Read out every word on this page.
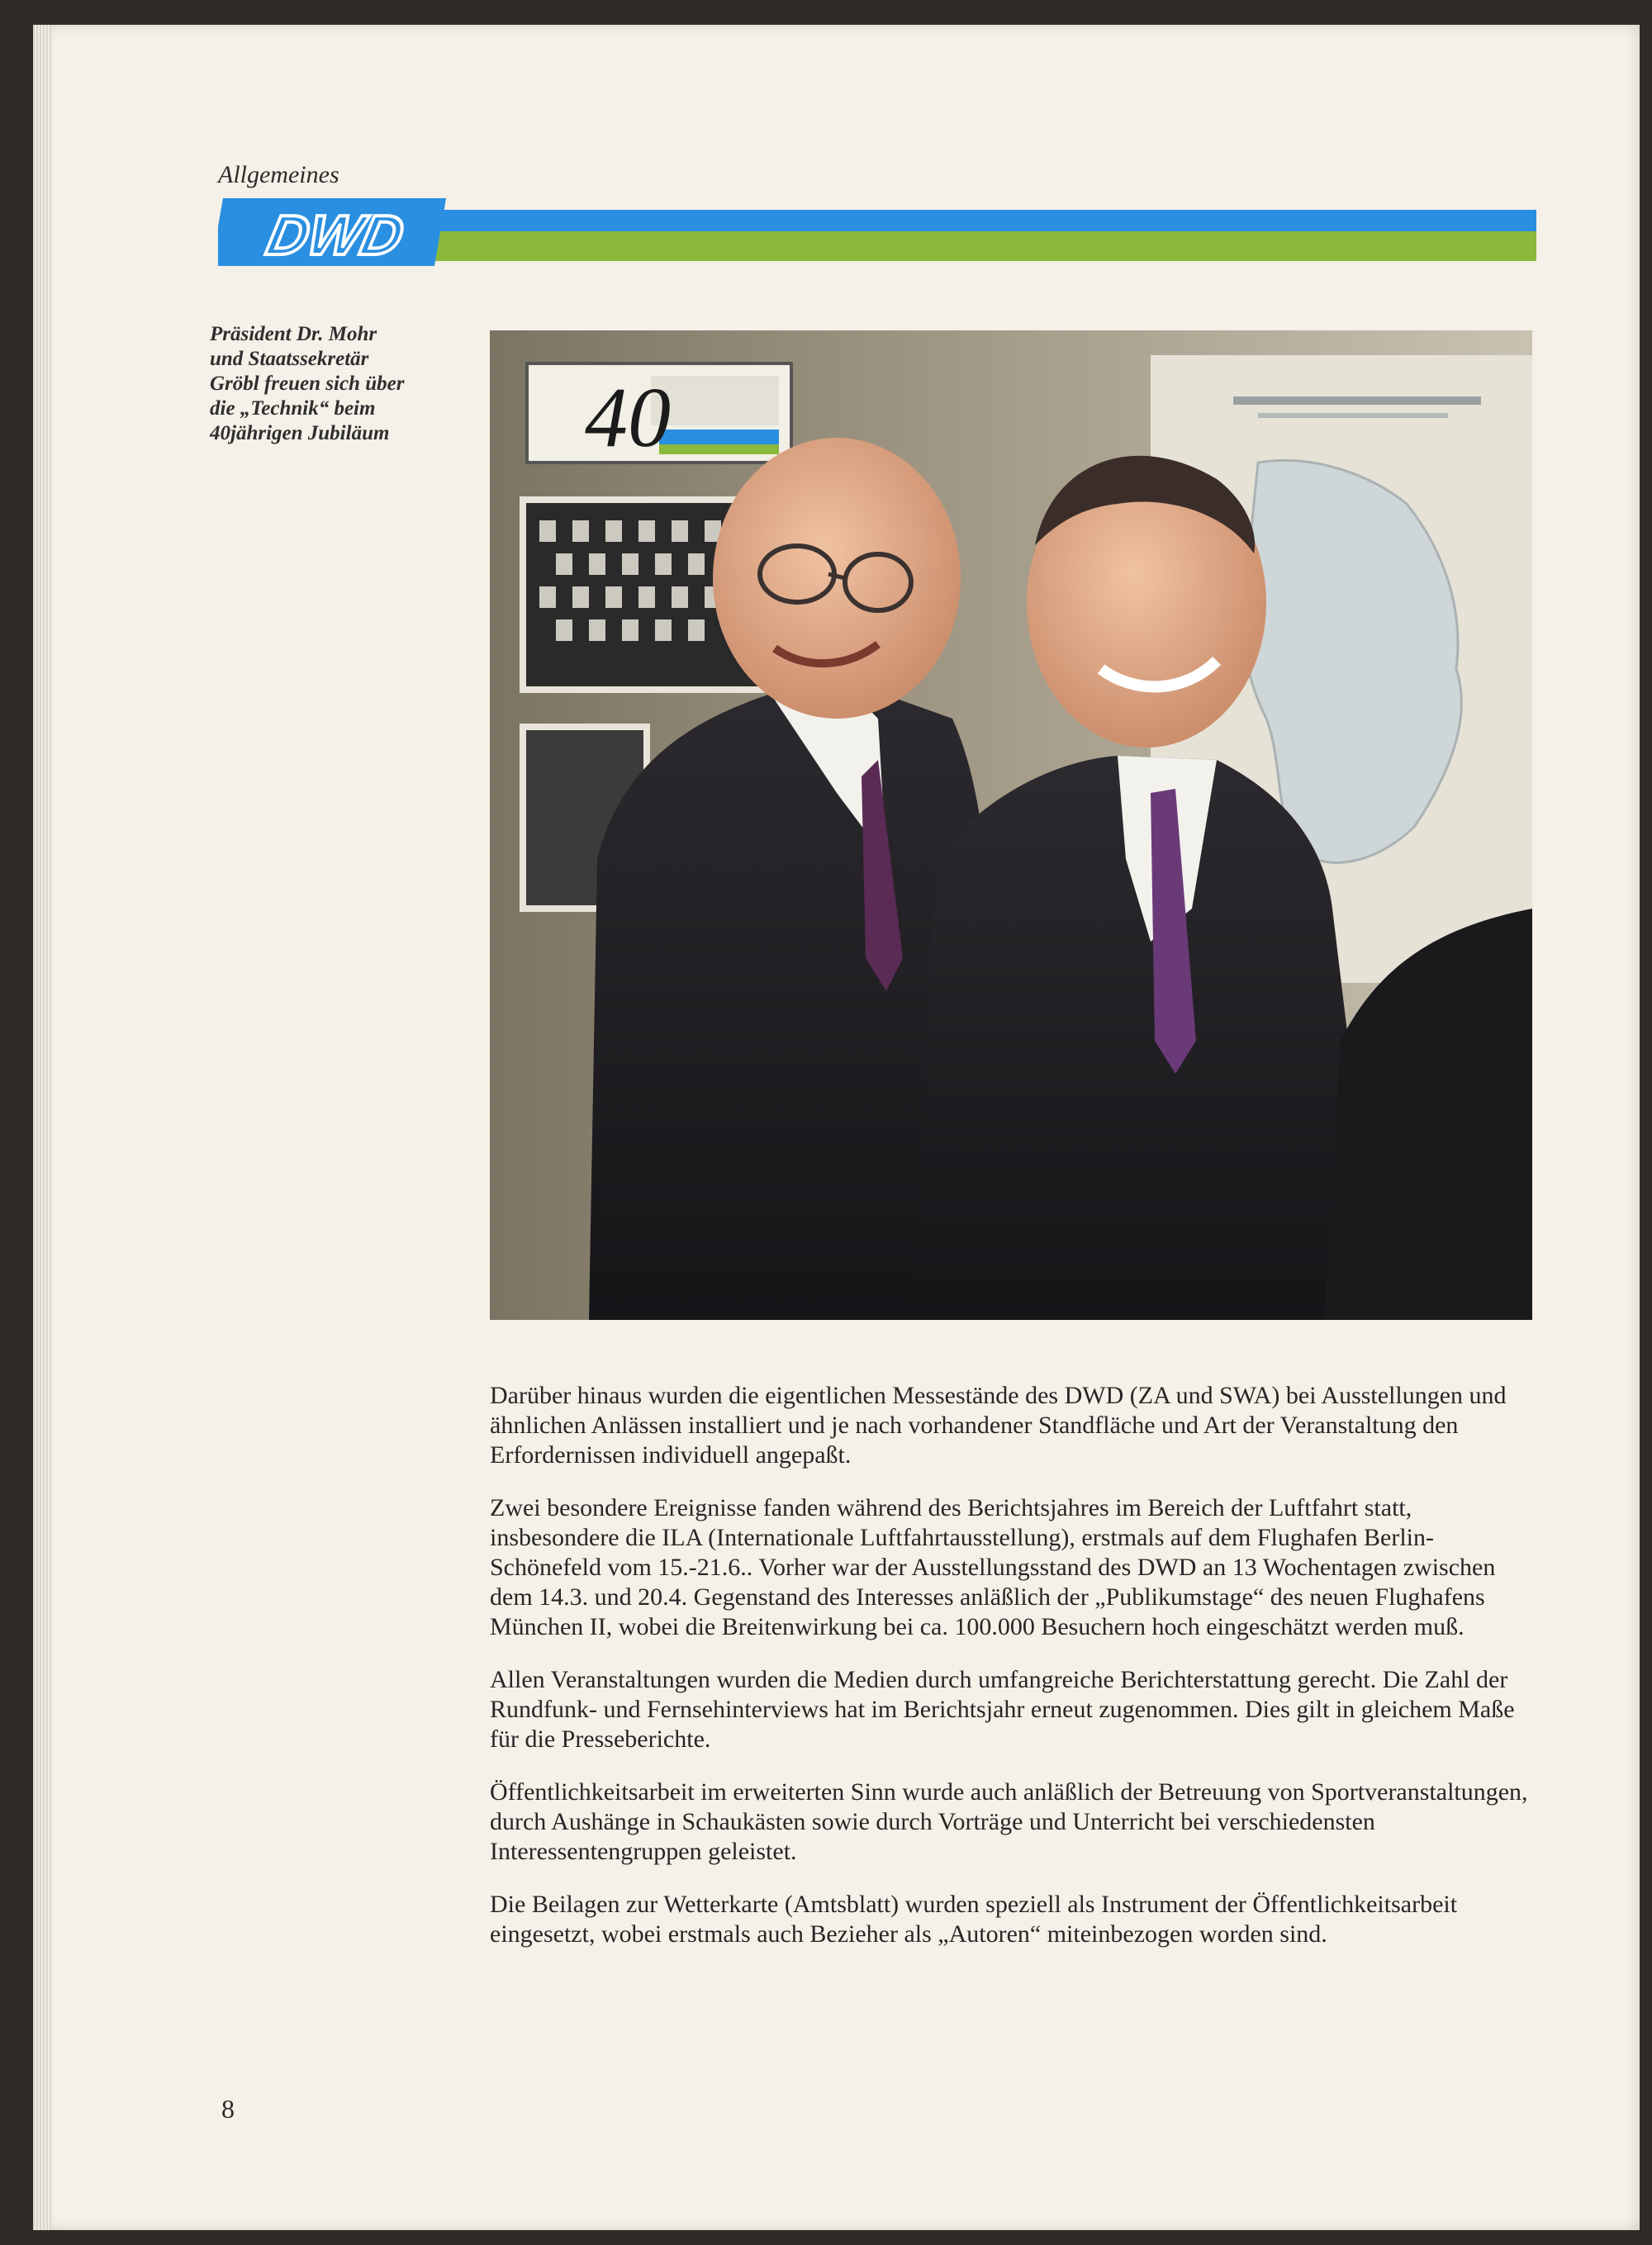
Allgemeines
DWD
Präsident Dr. Mohr
und Staatssekretär
Gröbl freuen sich über
die „Technik“ beim
40jährigen Jubiläum	40

Darüber hinaus wurden die eigentlichen Messestände des DWD (ZA und SWA) bei Ausstellungen und ähnlichen Anlässen installiert und je nach vorhandener Standfläche und Art der Veranstaltung den Erfordernissen individuell angepaßt.

Zwei besondere Ereignisse fanden während des Berichtsjahres im Bereich der Luftfahrt statt, insbesondere die ILA (Internationale Luftfahrtausstellung), erstmals auf dem Flughafen Berlin-Schönefeld vom 15.-21.6.. Vorher war der Ausstellungsstand des DWD an 13 Wochentagen zwischen dem 14.3. und 20.4. Gegenstand des Interesses anläßlich der „Publikumstage“ des neuen Flughafens München II, wobei die Breitenwirkung bei ca. 100.000 Besuchern hoch eingeschätzt werden muß.

Allen Veranstaltungen wurden die Medien durch umfangreiche Berichterstattung gerecht. Die Zahl der Rundfunk- und Fernsehinterviews hat im Berichtsjahr erneut zugenommen. Dies gilt in gleichem Maße für die Presseberichte.

Öffentlichkeitsarbeit im erweiterten Sinn wurde auch anläßlich der Betreuung von Sportveranstaltungen, durch Aushänge in Schaukästen sowie durch Vorträge und Unterricht bei verschiedensten Interessentengruppen geleistet.

Die Beilagen zur Wetterkarte (Amtsblatt) wurden speziell als Instrument der Öffentlichkeitsarbeit eingesetzt, wobei erstmals auch Bezieher als „Autoren“ miteinbezogen worden sind.

8
